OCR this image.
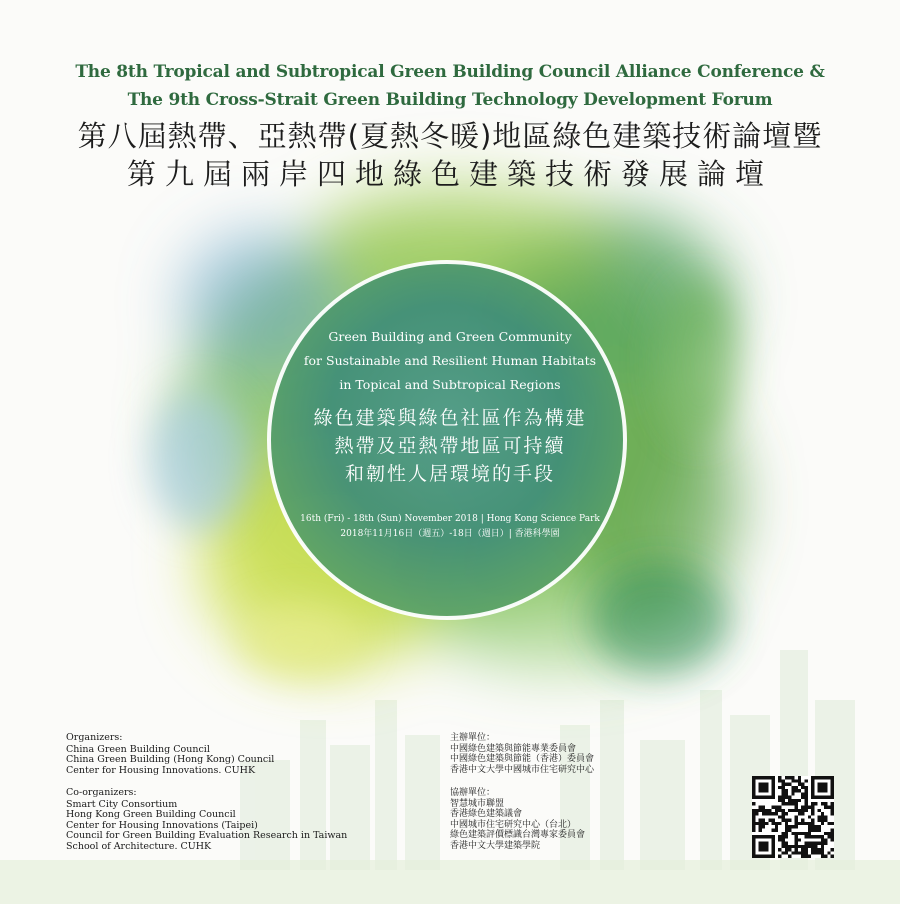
The 8th Tropical and Subtropical Green Building Council Alliance Conference &
The 9th Cross-Strait Green Building Technology Development Forum
第八屆熱帶、亞熱帶(夏熱冬暖)地區綠色建築技術論壇暨
第九屆兩岸四地綠色建築技術發展論壇
Green Building and Green Community
for Sustainable and Resilient Human Habitats
in Topical and Subtropical Regions
綠色建築與綠色社區作為構建
熱帶及亞熱帶地區可持續
和韌性人居環境的手段
16th (Fri) - 18th (Sun) November 2018 | Hong Kong Science Park
2018年11月16日（週五）-18日（週日）| 香港科學園
Organizers:
China Green Building Council
China Green Building (Hong Kong) Council
Center for Housing Innovations. CUHK
Co-organizers:
Smart City Consortium
Hong Kong Green Building Council
Center for Housing Innovations (Taipei)
Council for Green Building Evaluation Research in Taiwan
School of Architecture. CUHK
主辦單位：
中國綠色建築與節能專業委員會
中國綠色建築與節能（香港）委員會
香港中文大學中國城市住宅研究中心
協辦單位：
智慧城市聯盟
香港綠色建築議會
中國城市住宅研究中心（台北）
綠色建築評價標識台灣專家委員會
香港中文大學建築學院
